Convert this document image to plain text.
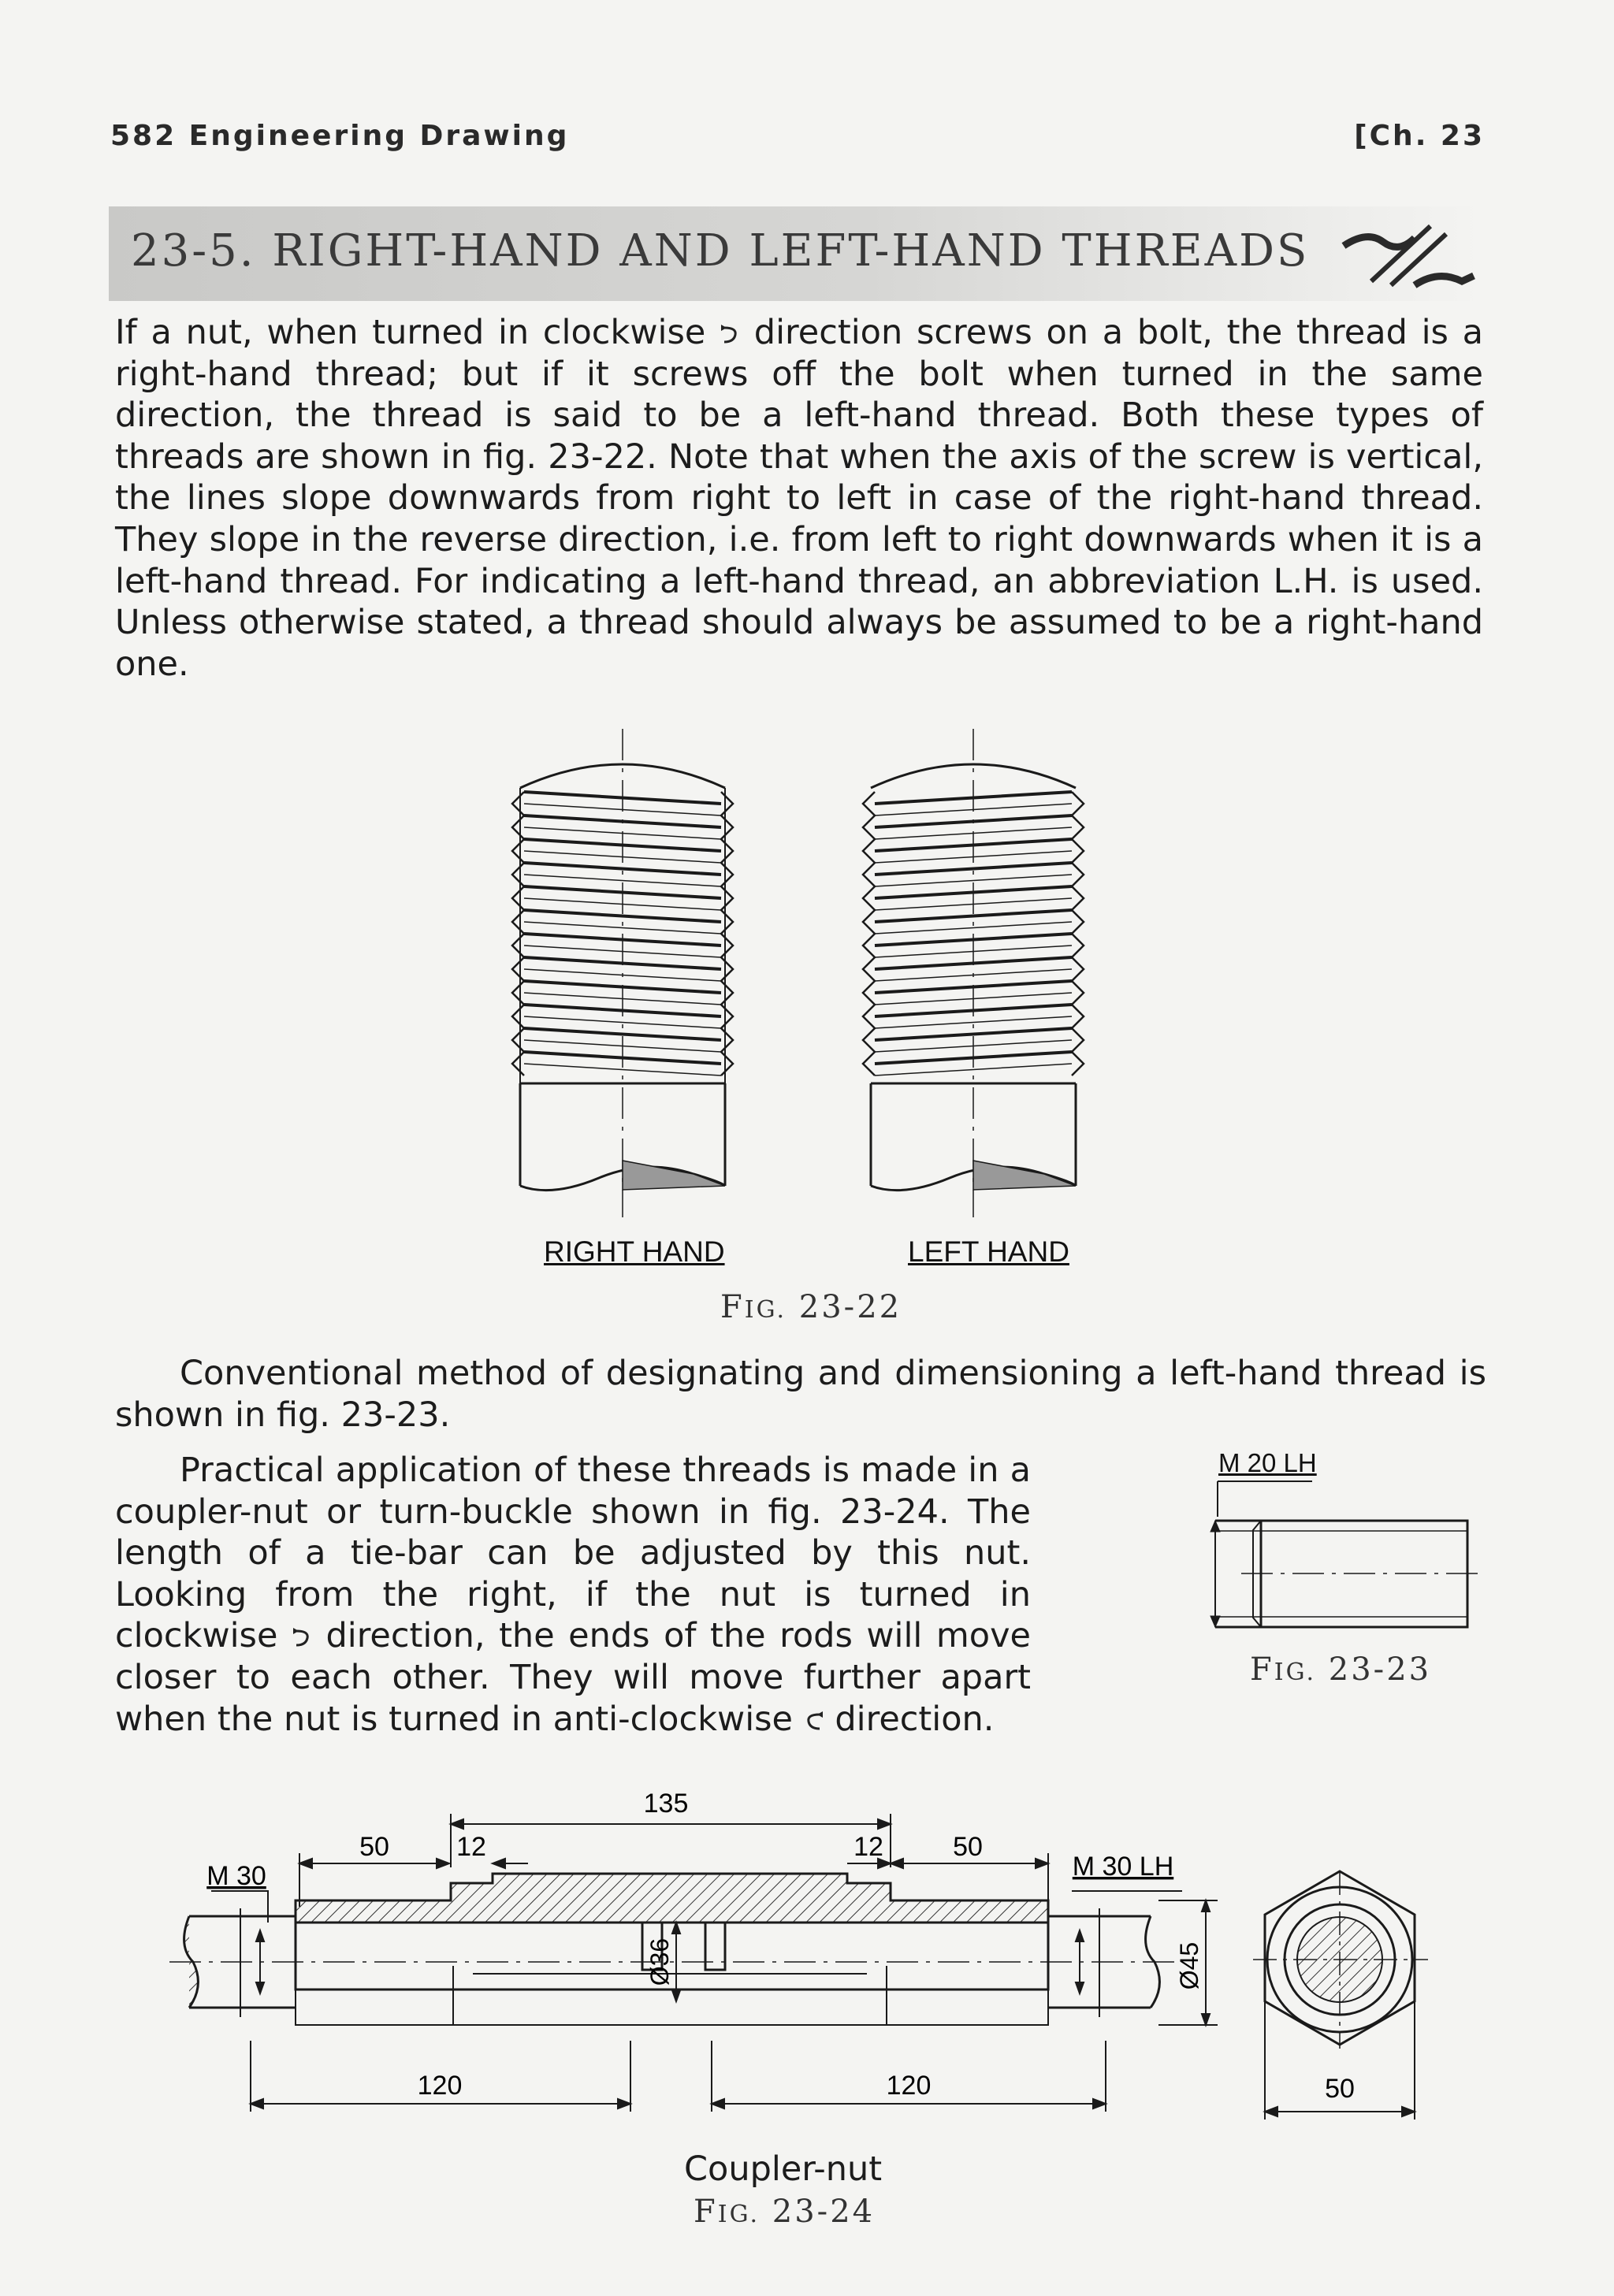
582 Engineering Drawing	[Ch. 23
23-5. RIGHT-HAND AND LEFT-HAND THREADS
If a nut, when turned in clockwise direction screws on a bolt, the thread is a right-hand thread; but if it screws off the bolt when turned in the same direction, the thread is said to be a left-hand thread. Both these types of threads are shown in fig. 23-22. Note that when the axis of the screw is vertical, the lines slope downwards from right to left in case of the right-hand thread. They slope in the reverse direction, i.e. from left to right downwards when it is a left-hand thread. For indicating a left-hand thread, an abbreviation L.H. is used. Unless otherwise stated, a thread should always be assumed to be a right-hand one.
RIGHT HAND	LEFT HAND
FIG. 23-22
Conventional method of designating and dimensioning a left-hand thread is shown in fig. 23-23.
Practical application of these threads is made in a coupler-nut or turn-buckle shown in fig. 23-24. The length of a tie-bar can be adjusted by this nut. Looking from the right, if the nut is turned in clockwise direction, the ends of the rods will move closer to each other. They will move further apart when the nut is turned in anti-clockwise direction.
M 20 LH
FIG. 23-23
135
50	12	12	50
M 30	M 30 LH
Ø36	Ø45
120	120	50
Coupler-nut
FIG. 23-24
